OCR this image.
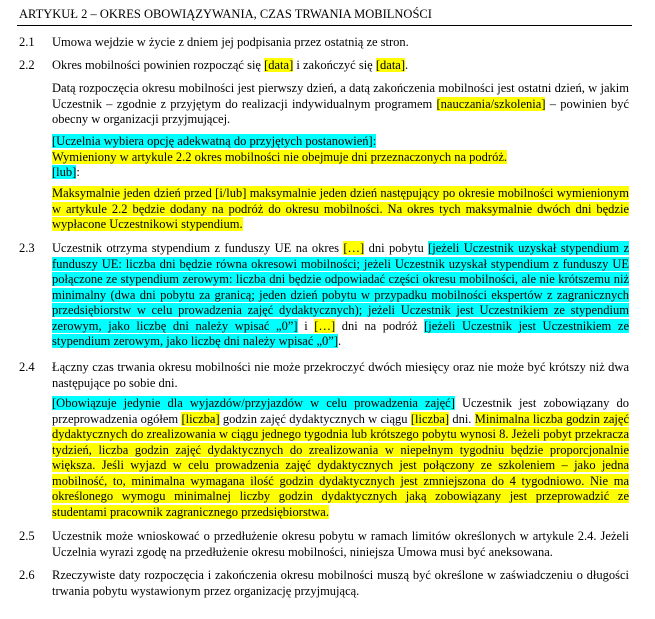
ARTYKUŁ 2 – OKRES OBOWIĄZYWANIA, CZAS TRWANIA MOBILNOŚCI
2.1 Umowa wejdzie w życie z dniem jej podpisania przez ostatnią ze stron.
2.2 Okres mobilności powinien rozpocząć się [data] i zakończyć się [data].
Datą rozpoczęcia okresu mobilności jest pierwszy dzień, a datą zakończenia mobilności jest ostatni dzień, w jakim Uczestnik – zgodnie z przyjętym do realizacji indywidualnym programem [nauczania/szkolenia] – powinien być obecny w organizacji przyjmującej.
[Uczelnia wybiera opcję adekwatną do przyjętych postanowień]:
Wymieniony w artykule 2.2 okres mobilności nie obejmuje dni przeznaczonych na podróż.
[lub]:
Maksymalnie jeden dzień przed [i/lub] maksymalnie jeden dzień następujący po okresie mobilności wymienionym w artykule 2.2 będzie dodany na podróż do okresu mobilności. Na okres tych maksymalnie dwóch dni będzie wypłacone Uczestnikowi stypendium.
2.3 Uczestnik otrzyma stypendium z funduszy UE na okres […] dni pobytu [jeżeli Uczestnik uzyskał stypendium z funduszy UE: liczba dni będzie równa okresowi mobilności; jeżeli Uczestnik uzyskał stypendium z funduszy UE połączone ze stypendium zerowym: liczba dni będzie odpowiadać części okresu mobilności, ale nie krótszemu niż minimalny (dwa dni pobytu za granicą; jeden dzień pobytu w przypadku mobilności ekspertów z zagranicznych przedsiębiorstw w celu prowadzenia zajęć dydaktycznych); jeżeli Uczestnik jest Uczestnikiem ze stypendium zerowym, jako liczbę dni należy wpisać „0”] i […] dni na podróż [jeżeli Uczestnik jest Uczestnikiem ze stypendium zerowym, jako liczbę dni należy wpisać „0”].
2.4 Łączny czas trwania okresu mobilności nie może przekroczyć dwóch miesięcy oraz nie może być krótszy niż dwa następujące po sobie dni.
[Obowiązuje jedynie dla wyjazdów/przyjazdów w celu prowadzenia zajęć] Uczestnik jest zobowiązany do przeprowadzenia ogółem [liczba] godzin zajęć dydaktycznych w ciągu [liczba] dni. Minimalna liczba godzin zajęć dydaktycznych do zrealizowania w ciągu jednego tygodnia lub krótszego pobytu wynosi 8. Jeżeli pobyt przekracza tydzień, liczba godzin zajęć dydaktycznych do zrealizowania w niepełnym tygodniu będzie proporcjonalnie większa. Jeśli wyjazd w celu prowadzenia zajęć dydaktycznych jest połączony ze szkoleniem – jako jedna mobilność, to, minimalna wymagana ilość godzin dydaktycznych jest zmniejszona do 4 tygodniowo. Nie ma określonego wymogu minimalnej liczby godzin dydaktycznych jaką zobowiązany jest przeprowadzić ze studentami pracownik zagranicznego przedsiębiorstwa.
2.5 Uczestnik może wnioskować o przedłużenie okresu pobytu w ramach limitów określonych w artykule 2.4. Jeżeli Uczelnia wyrazi zgodę na przedłużenie okresu mobilności, niniejsza Umowa musi być aneksowana.
2.6 Rzeczywiste daty rozpoczęcia i zakończenia okresu mobilności muszą być określone w zaświadczeniu o długości trwania pobytu wystawionym przez organizację przyjmującą.
